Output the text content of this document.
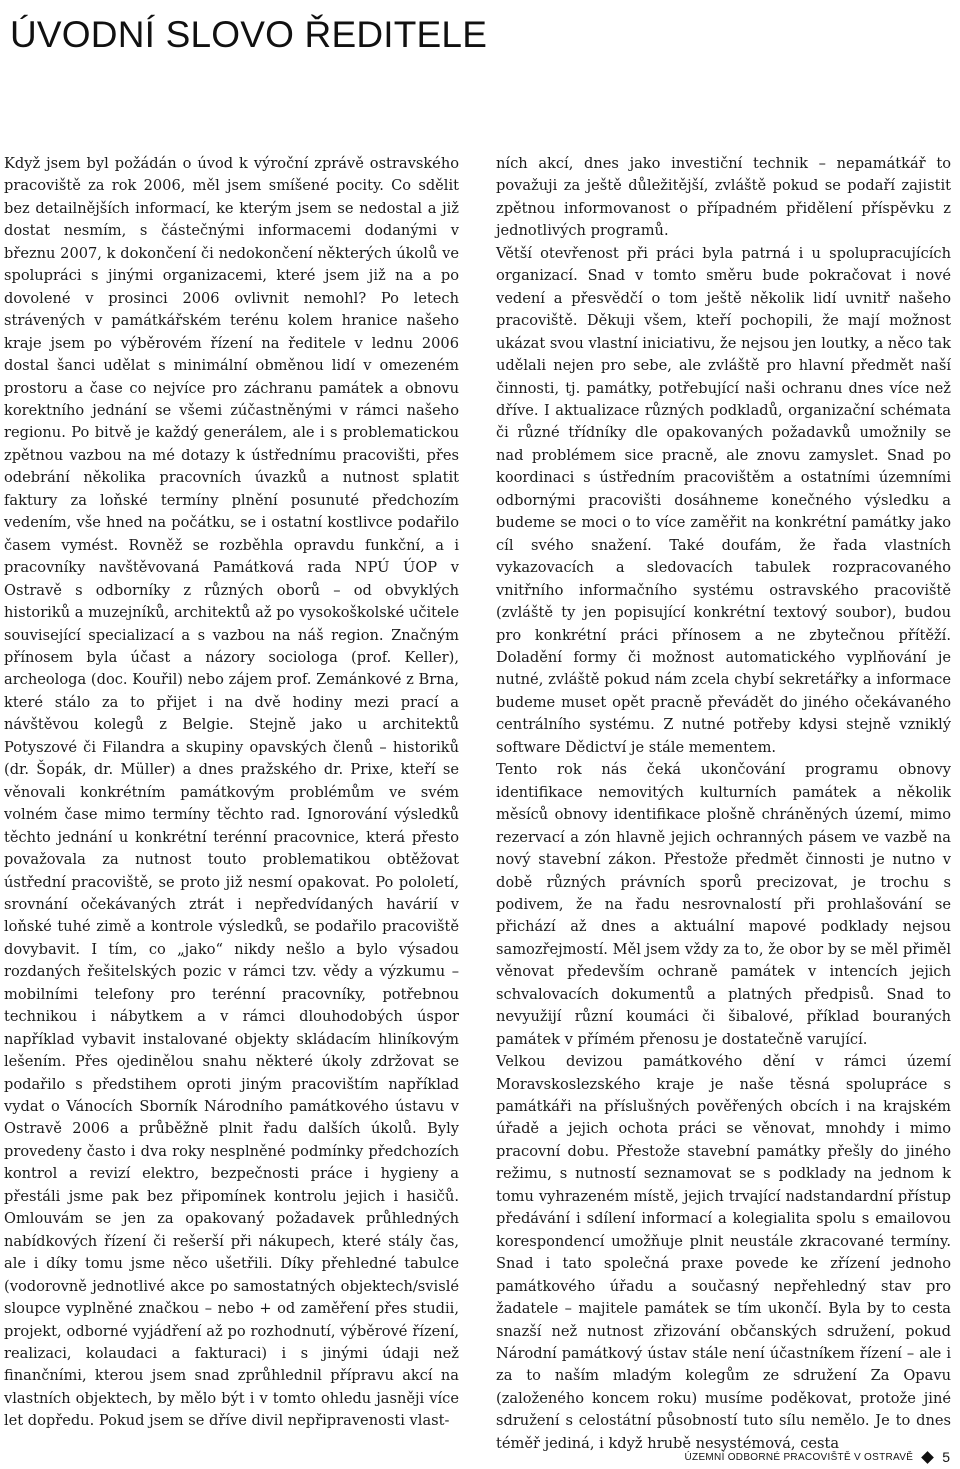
ÚVODNÍ SLOVO ŘEDITELE

Když jsem byl požádán o úvod k výroční zprávě ostravského pracoviště za rok 2006, měl jsem smíšené pocity. Co sdělit bez detailnějších informací, ke kterým jsem se nedostal a již dostat nesmím, s částečnými informacemi dodanými v březnu 2007, k dokončení či nedokončení některých úkolů ve spolupráci s jinými organizacemi, které jsem již na a po dovolené v prosinci 2006 ovlivnit nemohl? Po letech strávených v památkářském terénu kolem hranice našeho kraje jsem po výběrovém řízení na ředitele v lednu 2006 dostal šanci udělat s minimální obměnou lidí v omezeném prostoru a čase co nejvíce pro záchranu památek a obnovu korektního jednání se všemi zúčastněnými v rámci našeho regionu. Po bitvě je každý generálem, ale i s problematickou zpětnou vazbou na mé dotazy k ústřednímu pracovišti, přes odebrání několika pracovních úvazků a nutnost splatit faktury za loňské termíny plnění posunuté předchozím vedením, vše hned na počátku, se i ostatní kostlivce podařilo časem vymést. Rovněž se rozběhla opravdu funkční, a i pracovníky navštěvovaná Památková rada NPÚ ÚOP v Ostravě s odborníky z různých oborů – od obvyklých historiků a muzejníků, architektů až po vysokoškolské učitele související specializací a s vazbou na náš region. Značným přínosem byla účast a názory sociologa (prof. Keller), archeologa (doc. Kouřil) nebo zájem prof. Zemánkové z Brna, které stálo za to přijet i na dvě hodiny mezi prací a návštěvou kolegů z Belgie. Stejně jako u architektů Potyszové či Filandra a skupiny opavských členů – historiků (dr. Šopák, dr. Müller) a dnes pražského dr. Prixe, kteří se věnovali konkrétním památkovým problémům ve svém volném čase mimo termíny těchto rad. Ignorování výsledků těchto jednání u konkrétní terénní pracovnice, která přesto považovala za nutnost touto problematikou obtěžovat ústřední pracoviště, se proto již nesmí opakovat. Po pololetí, srovnání očekávaných ztrát i nepředvídaných havárií v loňské tuhé zimě a kontrole výsledků, se podařilo pracoviště dovybavit. I tím, co „jako“ nikdy nešlo a bylo výsadou rozdaných řešitelských pozic v rámci tzv. vědy a výzkumu – mobilními telefony pro terénní pracovníky, potřebnou technikou i nábytkem a v rámci dlouhodobých úspor například vybavit instalované objekty skládacím hliníkovým lešením. Přes ojedinělou snahu některé úkoly zdržovat se podařilo s předstihem oproti jiným pracovištím například vydat o Vánocích Sborník Národního památkového ústavu v Ostravě 2006 a průběžně plnit řadu dalších úkolů. Byly provedeny často i dva roky nesplněné podmínky předchozích kontrol a revizí elektro, bezpečnosti práce i hygieny a přestáli jsme pak bez připomínek kontrolu jejich i hasičů. Omlouvám se jen za opakovaný požadavek průhledných nabídkových řízení či rešerší při nákupech, které stály čas, ale i díky tomu jsme něco ušetřili. Díky přehledné tabulce (vodorovně jednotlivé akce po samostatných objektech/svislé sloupce vyplněné značkou – nebo + od zaměření přes studii, projekt, odborné vyjádření až po rozhodnutí, výběrové řízení, realizaci, kolaudaci a fakturaci) i s jinými údaji než finančními, kterou jsem snad zprůhlednil přípravu akcí na vlastních objektech, by mělo být i v tomto ohledu jasněji více let dopředu. Pokud jsem se dříve divil nepřipravenosti vlast-

ních akcí, dnes jako investiční technik – nepamátkář to považuji za ještě důležitější, zvláště pokud se podaří zajistit zpětnou informovanost o případném přidělení příspěvku z jednotlivých programů.

Větší otevřenost při práci byla patrná i u spolupracujících organizací. Snad v tomto směru bude pokračovat i nové vedení a přesvědčí o tom ještě několik lidí uvnitř našeho pracoviště. Děkuji všem, kteří pochopili, že mají možnost ukázat svou vlastní iniciativu, že nejsou jen loutky, a něco tak udělali nejen pro sebe, ale zvláště pro hlavní předmět naší činnosti, tj. památky, potřebující naši ochranu dnes více než dříve. I aktualizace různých podkladů, organizační schémata či různé třídníky dle opakovaných požadavků umožnily se nad problémem sice pracně, ale znovu zamyslet. Snad po koordinaci s ústředním pracovištěm a ostatními územními odbornými pracovišti dosáhneme konečného výsledku a budeme se moci o to více zaměřit na konkrétní památky jako cíl svého snažení. Také doufám, že řada vlastních vykazovacích a sledovacích tabulek rozpracovaného vnitřního informačního systému ostravského pracoviště (zvláště ty jen popisující konkrétní textový soubor), budou pro konkrétní práci přínosem a ne zbytečnou přítěží. Doladění formy či možnost automatického vyplňování je nutné, zvláště pokud nám zcela chybí sekretářky a informace budeme muset opět pracně převádět do jiného očekávaného centrálního systému. Z nutné potřeby kdysi stejně vzniklý software Dědictví je stále mementem.

Tento rok nás čeká ukončování programu obnovy identifikace nemovitých kulturních památek a několik měsíců obnovy identifikace plošně chráněných území, mimo rezervací a zón hlavně jejich ochranných pásem ve vazbě na nový stavební zákon. Přestože předmět činnosti je nutno v době různých právních sporů precizovat, je trochu s podivem, že na řadu nesrovnalostí při prohlašování se přichází až dnes a aktuální mapové podklady nejsou samozřejmostí. Měl jsem vždy za to, že obor by se měl přiměl věnovat především ochraně památek v intencích jejich schvalovacích dokumentů a platných předpisů. Snad to nevyužijí různí koumáci či šibalové, příklad bouraných památek v přímém přenosu je dostatečně varující.

Velkou devizou památkového dění v rámci území Moravskoslezského kraje je naše těsná spolupráce s památkáři na příslušných pověřených obcích i na krajském úřadě a jejich ochota práci se věnovat, mnohdy i mimo pracovní dobu. Přestože stavební památky přešly do jiného režimu, s nutností seznamovat se s podklady na jednom k tomu vyhrazeném místě, jejich trvající nadstandardní přístup předávání i sdílení informací a kolegialita spolu s emailovou korespondencí umožňuje plnit neustále zkracované termíny. Snad i tato společná praxe povede ke zřízení jednoho památkového úřadu a současný nepřehledný stav pro žadatele – majitele památek se tím ukončí. Byla by to cesta snazší než nutnost zřizování občanských sdružení, pokud Národní památkový ústav stále není účastníkem řízení – ale i za to naším mladým kolegům ze sdružení Za Opavu (založeného koncem roku) musíme poděkovat, protože jiné sdružení s celostátní působností tuto sílu nemělo. Je to dnes téměř jediná, i když hrubě nesystémová, cesta

ÚZEMNÍ ODBORNÉ PRACOVIŠTĚ V OSTRAVĚ 5
